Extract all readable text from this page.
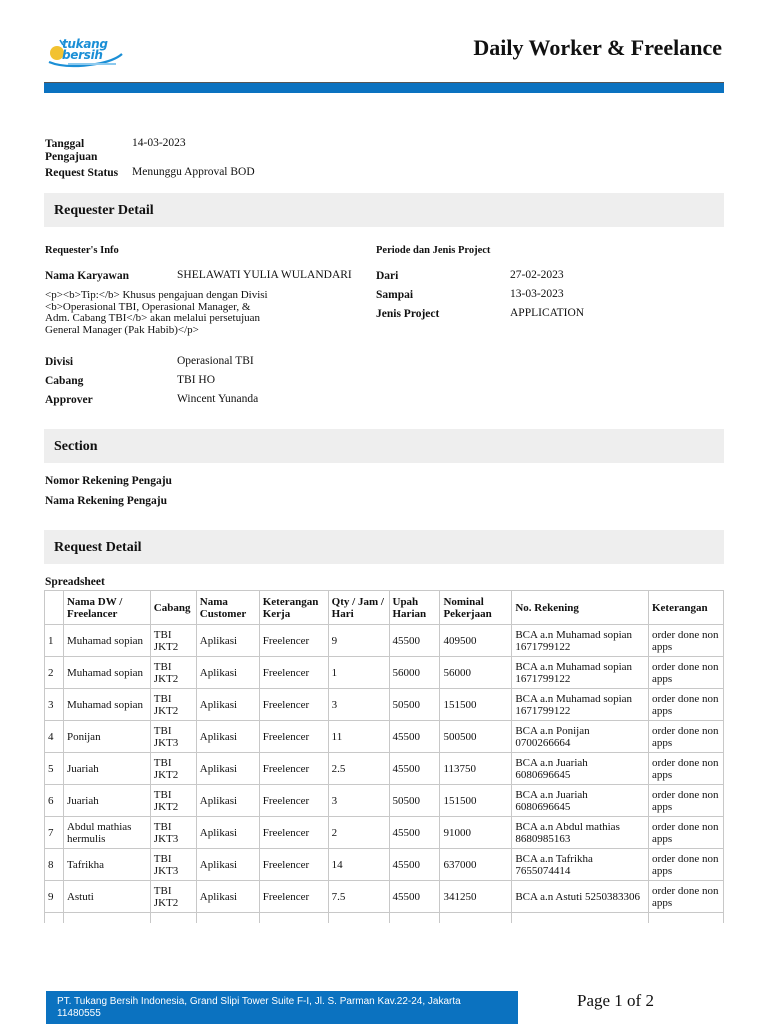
tukang
bersih	Daily Worker & Freelance
Tanggal Pengajuan
14-03-2023
Request Status	Menunggu Approval BOD
Requester Detail
Requester's Info	Periode dan Jenis Project
Nama Karyawan	SHELAWATI YULIA WULANDARI
<p><b>Tip:</b> Khusus pengajuan dengan Divisi <b>Operasional TBI, Operasional Manager, & Adm. Cabang TBI</b> akan melalui persetujuan General Manager (Pak Habib)</p>
Divisi	Operasional TBI
Cabang	TBI HO
Approver	Wincent Yunanda
Dari	27-02-2023
Sampai	13-03-2023
Jenis Project	APPLICATION
Section
Nomor Rekening Pengaju
Nama Rekening Pengaju
Request Detail
Spreadsheet
	Nama DW / Freelancer	Cabang	Nama Customer	Keterangan Kerja	Qty / Jam / Hari	Upah Harian	Nominal Pekerjaan	No. Rekening	Keterangan
1	Muhamad sopian	TBI JKT2	Aplikasi	Freelencer	9	45500	409500	BCA a.n Muhamad sopian 1671799122	order done non apps
2	Muhamad sopian	TBI JKT2	Aplikasi	Freelencer	1	56000	56000	BCA a.n Muhamad sopian 1671799122	order done non apps
3	Muhamad sopian	TBI JKT2	Aplikasi	Freelencer	3	50500	151500	BCA a.n Muhamad sopian 1671799122	order done non apps
4	Ponijan	TBI JKT3	Aplikasi	Freelencer	11	45500	500500	BCA a.n Ponijan 0700266664	order done non apps
5	Juariah	TBI JKT2	Aplikasi	Freelencer	2.5	45500	113750	BCA a.n Juariah 6080696645	order done non apps
6	Juariah	TBI JKT2	Aplikasi	Freelencer	3	50500	151500	BCA a.n Juariah 6080696645	order done non apps
7	Abdul mathias hermulis	TBI JKT3	Aplikasi	Freelencer	2	45500	91000	BCA a.n Abdul mathias 8680985163	order done non apps
8	Tafrikha	TBI JKT3	Aplikasi	Freelencer	14	45500	637000	BCA a.n Tafrikha 7655074414	order done non apps
9	Astuti	TBI JKT2	Aplikasi	Freelencer	7.5	45500	341250	BCA a.n Astuti 5250383306	order done non apps

PT. Tukang Bersih Indonesia, Grand Slipi Tower Suite F-I, Jl. S. Parman Kav.22-24, Jakarta 11480555
Page 1 of 2
